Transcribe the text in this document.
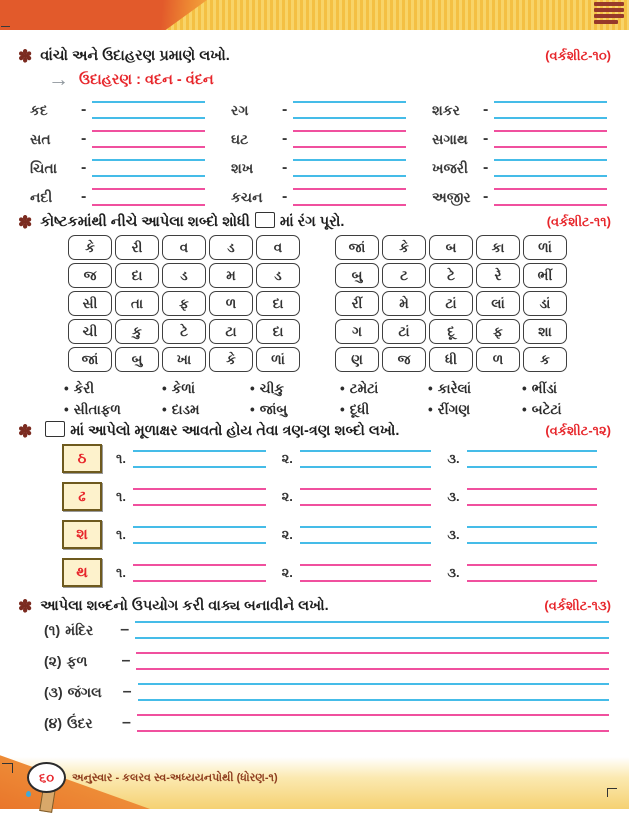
✽ વાંચો અને ઉદાહરણ પ્રમાણે લખો.	(વર્કશીટ-૧૦)
→ ઉદાહરણ : વદન - વંદન
કદ	-	રગ	-	શકર	-
સત	-	ઘટ	-	સગાથ -
ચિતા	-	શખ	-	ખજરી -
નદી	-	કચન	-	અજીર -
✽ કોષ્ટકમાંથી નીચે આપેલા શબ્દો શોધી માં રંગ પૂરો.	(વર્કશીટ-૧૧)
કે	રી	વ	ડ	વ
જ	દા	ડ	મ	ડ
સી	તા	ફ	ળ	દા
ચી	કુ	ટે	ટા	દા
જાં	બુ	ખા	કે	ળાં
જાં	કે	બ	કા	ળાં
બુ	ટ	ટે	રે	ભીં
રીં	મે	ટાં	લાં	ડાં
ગ	ટાં	દૂ	ફ	શા
ણ	જ	ધી	ળ	ક
• કેરી	• કેળાં	• ચીકુ
• સીતાફળ	• દાડમ	• જાંબુ
• ટમેટાં	• કારેલાં	• ભીંડાં
• દૂધી	• રીંગણ	• બટેટાં
✽	માં આપેલો મૂળાક્ષર આવતો હોય તેવા ત્રણ-ત્રણ શબ્દો લખો.	(વર્કશીટ-૧૨)
ઠ	૧.	૨.	૩.
ઢ	૧.	૨.	૩.
શ	૧.	૨.	૩.
થ	૧.	૨.	૩.
✽ આપેલા શબ્દનો ઉપયોગ કરી વાક્ય બનાવીને લખો.	(વર્કશીટ-૧૩)
(૧) મંદિર	–
(૨) ફળ	–
(૩) જંગલ	–
(૪) ઉંદર	–
૬૦	અનુસ્વાર - કલરવ સ્વ-અધ્યયનપોથી (ધોરણ-૧)
